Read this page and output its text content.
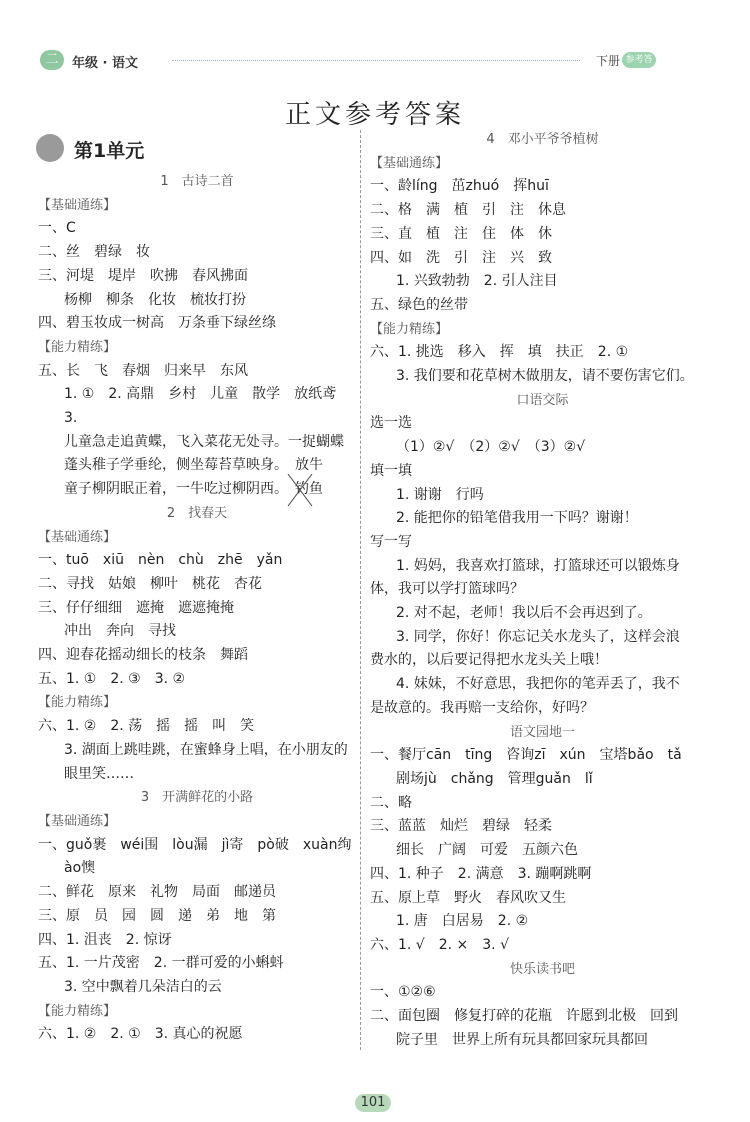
二	年级 · 语文	下册 参考答案
正文参考答案
第1单元
1　古诗二首
【基础通练】
一、C
二、丝　碧绿　妆
三、河堤　堤岸　吹拂　春风拂面
杨柳　柳条　化妆　梳妆打扮
四、碧玉妆成一树高　万条垂下绿丝绦
【能力精练】
五、长　飞　春烟　归来早　东风
1. ①　2. 高鼎　乡村　儿童　散学　放纸鸢
3.
儿童急走追黄蝶，飞入菜花无处寻。一捉蝴蝶
蓬头稚子学垂纶，侧坐莓苔草映身。　放牛
童子柳阴眠正着，一牛吃过柳阴西。　钓鱼
2　找春天
【基础通练】
一、tuō　xiū　nèn　chù　zhē　yǎn
二、寻找　姑娘　柳叶　桃花　杏花
三、仔仔细细　遮掩　遮遮掩掩
冲出　奔向　寻找
四、迎春花摇动细长的枝条　舞蹈
五、1. ①　2. ③　3. ②
【能力精练】
六、1. ②　2. 荡　摇　摇　叫　笑
3. 湖面上跳哇跳，在蜜蜂身上唱，在小朋友的
眼里笑……
3　开满鲜花的小路
【基础通练】
一、guǒ裹　wéi围　lòu漏　jì寄　pò破　xuàn绚
ào懊
二、鲜花　原来　礼物　局面　邮递员
三、原　员　园　圆　递　弟　地　第
四、1. 沮丧　2. 惊讶
五、1. 一片茂密　2. 一群可爱的小蝌蚪
3. 空中飘着几朵洁白的云
【能力精练】
六、1. ②　2. ①　3. 真心的祝愿
4　邓小平爷爷植树
【基础通练】
一、龄líng　茁zhuó　挥huī
二、格　满　植　引　注　休息
三、直　植　注　住　体　休
四、如　洗　引　注　兴　致
1. 兴致勃勃　2. 引人注目
五、绿色的丝带
【能力精练】
六、1. 挑选　移入　挥　填　扶正　2. ①
3. 我们要和花草树木做朋友，请不要伤害它们。
口语交际
选一选
（1）②√　（2）②√　（3）②√
填一填
1. 谢谢　行吗
2. 能把你的铅笔借我用一下吗？谢谢！
写一写
1. 妈妈，我喜欢打篮球，打篮球还可以锻炼身
体，我可以学打篮球吗？
2. 对不起，老师！我以后不会再迟到了。
3. 同学，你好！你忘记关水龙头了，这样会浪
费水的，以后要记得把水龙头关上哦！
4. 妹妹，不好意思，我把你的笔弄丢了，我不
是故意的。我再赔一支给你，好吗？
语文园地一
一、餐厅cān　tīng　咨询zī　xún　宝塔bǎo　tǎ
剧场jù　chǎng　管理guǎn　lǐ
二、略
三、蓝蓝　灿烂　碧绿　轻柔
细长　广阔　可爱　五颜六色
四、1. 种子　2. 满意　3. 蹦啊跳啊
五、原上草　野火　春风吹又生
1. 唐　白居易　2. ②
六、1. √　2. ×　3. √
快乐读书吧
一、①②⑥
二、面包圈　修复打碎的花瓶　许愿到北极　回到
院子里　世界上所有玩具都回家玩具都回
101
